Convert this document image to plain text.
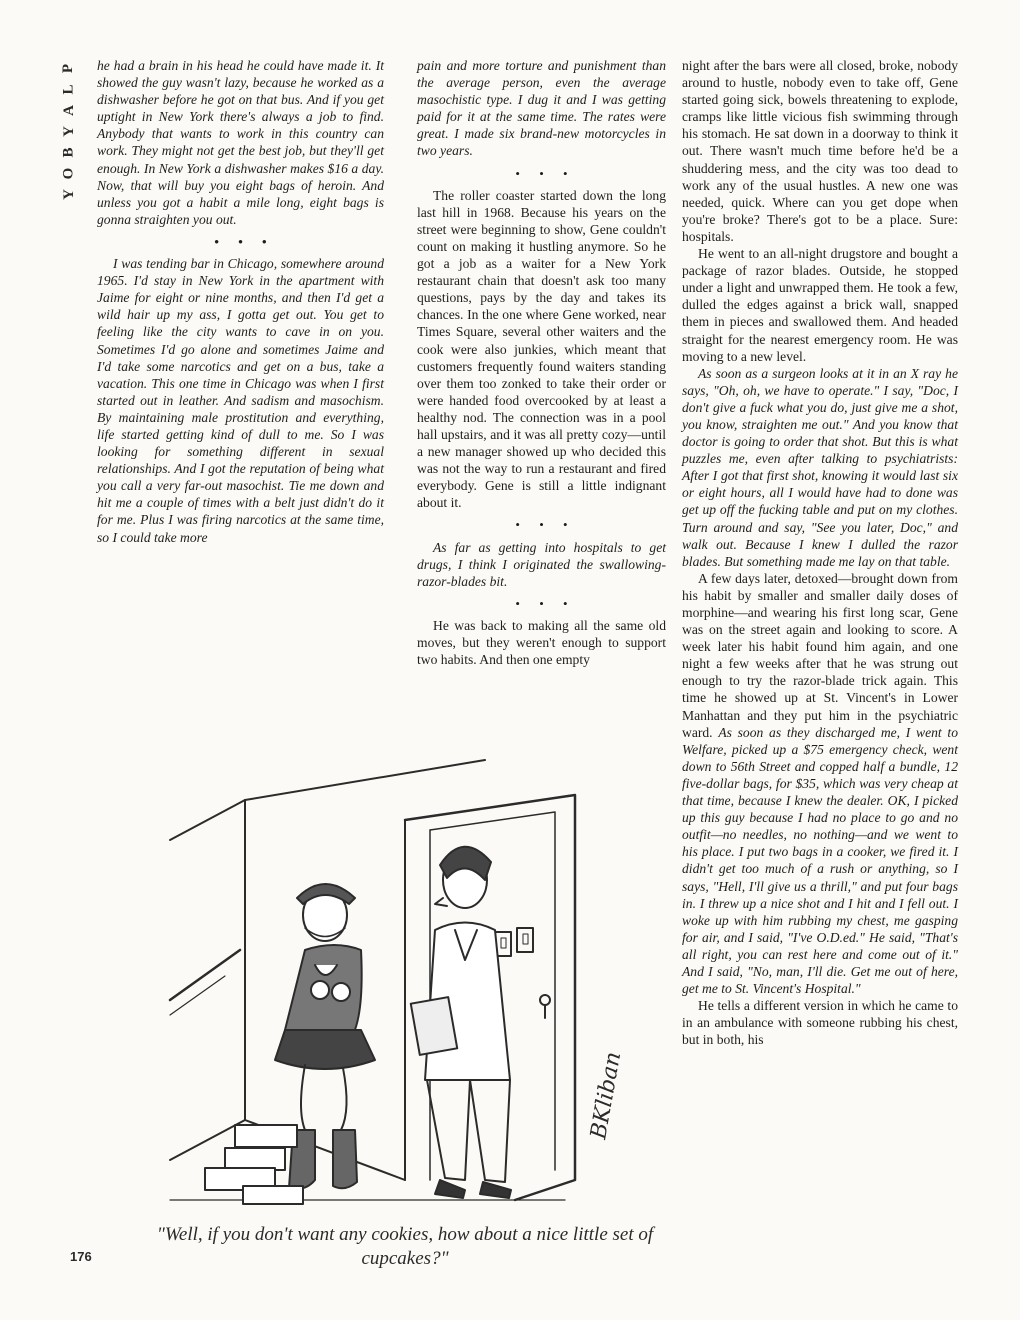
P
L
A
Y
B
O
Y

he had a brain in his head he could have made it. It showed the guy wasn't lazy, because he worked as a dishwasher before he got on that bus. And if you get uptight in New York there's always a job to find. Anybody that wants to work in this country can work. They might not get the best job, but they'll get enough. In New York a dishwasher makes $16 a day. Now, that will buy you eight bags of heroin. And unless you got a habit a mile long, eight bags is gonna straighten you out.

• • •

I was tending bar in Chicago, somewhere around 1965. I'd stay in New York in the apartment with Jaime for eight or nine months, and then I'd get a wild hair up my ass, I gotta get out. You get to feeling like the city wants to cave in on you. Sometimes I'd go alone and sometimes Jaime and I'd take some narcotics and get on a bus, take a vacation. This one time in Chicago was when I first started out in leather. And sadism and masochism. By maintaining male prostitution and everything, life started getting kind of dull to me. So I was looking for something different in sexual relationships. And I got the reputation of being what you call a very far-out masochist. Tie me down and hit me a couple of times with a belt just didn't do it for me. Plus I was firing narcotics at the same time, so I could take more

pain and more torture and punishment than the average person, even the average masochistic type. I dug it and I was getting paid for it at the same time. The rates were great. I made six brand-new motorcycles in two years.

• • •

The roller coaster started down the long last hill in 1968. Because his years on the street were beginning to show, Gene couldn't count on making it hustling anymore. So he got a job as a waiter for a New York restaurant chain that doesn't ask too many questions, pays by the day and takes its chances. In the one where Gene worked, near Times Square, several other waiters and the cook were also junkies, which meant that customers frequently found waiters standing over them too zonked to take their order or were handed food overcooked by at least a healthy nod. The connection was in a pool hall upstairs, and it was all pretty cozy—until a new manager showed up who decided this was not the way to run a restaurant and fired everybody. Gene is still a little indignant about it.

• • •

As far as getting into hospitals to get drugs, I think I originated the swallowing-razor-blades bit.

• • •

He was back to making all the same old moves, but they weren't enough to support two habits. And then one empty

night after the bars were all closed, broke, nobody around to hustle, nobody even to take off, Gene started going sick, bowels threatening to explode, cramps like little vicious fish swimming through his stomach. He sat down in a doorway to think it out. There wasn't much time before he'd be a shuddering mess, and the city was too dead to work any of the usual hustles. A new one was needed, quick. Where can you get dope when you're broke? There's got to be a place. Sure: hospitals.

He went to an all-night drugstore and bought a package of razor blades. Outside, he stopped under a light and unwrapped them. He took a few, dulled the edges against a brick wall, snapped them in pieces and swallowed them. And headed straight for the nearest emergency room. He was moving to a new level.

As soon as a surgeon looks at it in an X ray he says, "Oh, oh, we have to operate." I say, "Doc, I don't give a fuck what you do, just give me a shot, you know, straighten me out." And you know that doctor is going to order that shot. But this is what puzzles me, even after talking to psychiatrists: After I got that first shot, knowing it would last six or eight hours, all I would have had to done was get up off the fucking table and put on my clothes. Turn around and say, "See you later, Doc," and walk out. Because I knew I dulled the razor blades. But something made me lay on that table.

A few days later, detoxed—brought down from his habit by smaller and smaller daily doses of morphine—and wearing his first long scar, Gene was on the street again and looking to score. A week later his habit found him again, and one night a few weeks after that he was strung out enough to try the razor-blade trick again. This time he showed up at St. Vincent's in Lower Manhattan and they put him in the psychiatric ward. As soon as they discharged me, I went to Welfare, picked up a $75 emergency check, went down to 56th Street and copped half a bundle, 12 five-dollar bags, for $35, which was very cheap at that time, because I knew the dealer. OK, I picked up this guy because I had no place to go and no outfit—no needles, no nothing—and we went to his place. I put two bags in a cooker, we fired it. I didn't get too much of a rush or anything, so I says, "Hell, I'll give us a thrill," and put four bags in. I threw up a nice shot and I hit and I fell out. I woke up with him rubbing my chest, me gasping for air, and I said, "I've O.D.ed." He said, "That's all right, you can rest here and come out of it." And I said, "No, man, I'll die. Get me out of here, get me to St. Vincent's Hospital."

He tells a different version in which he came to in an ambulance with someone rubbing his chest, but in both, his

BKliban
"Well, if you don't want any cookies, how about a nice little set of cupcakes?"
176
